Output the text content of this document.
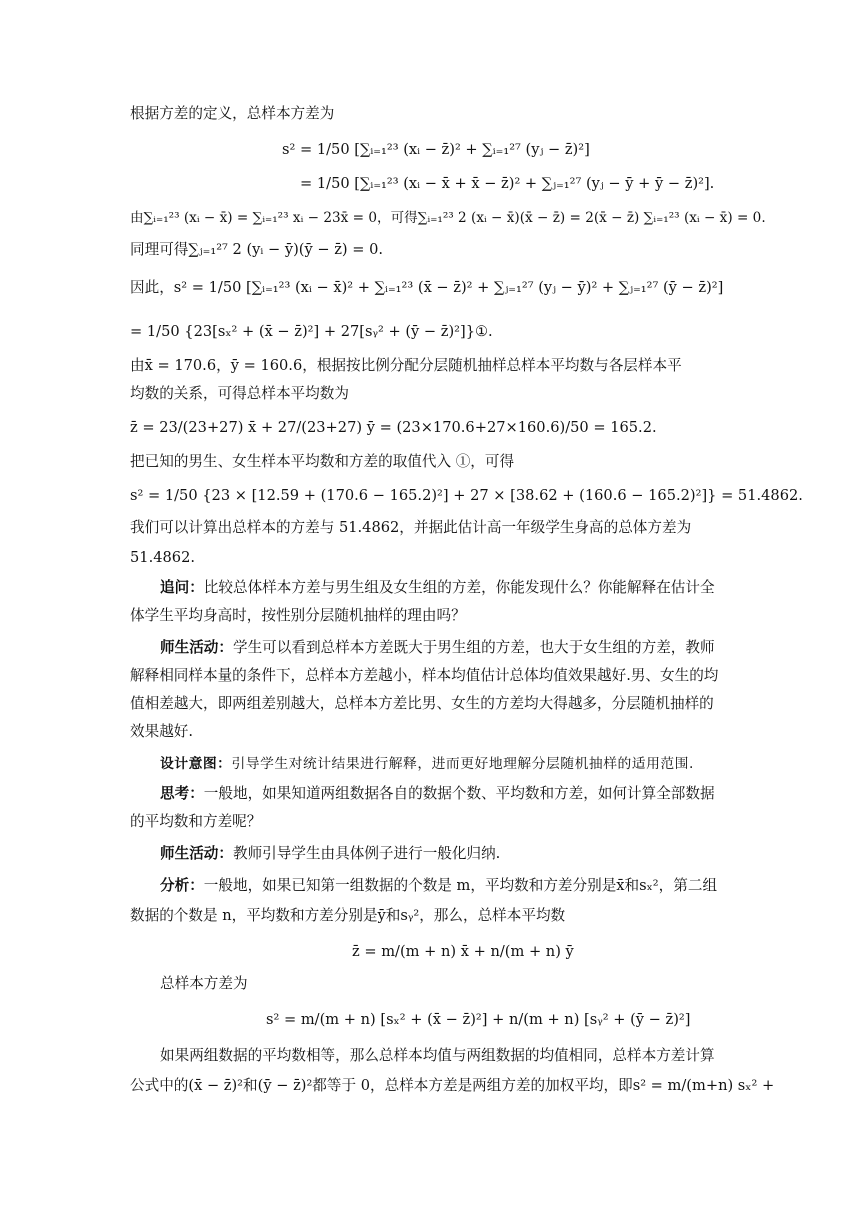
根据方差的定义，总样本方差为
s² = 1/50 [∑ᵢ₌₁²³ (xᵢ − z̄)² + ∑ᵢ₌₁²⁷ (yⱼ − z̄)²]
= 1/50 [∑ᵢ₌₁²³ (xᵢ − x̄ + x̄ − z̄)² + ∑ⱼ₌₁²⁷ (yⱼ − ȳ + ȳ − z̄)²].
由∑ᵢ₌₁²³ (xᵢ − x̄) = ∑ᵢ₌₁²³ xᵢ − 23x̄ = 0，可得∑ᵢ₌₁²³ 2 (xᵢ − x̄)(x̄ − z̄) = 2(x̄ − z̄) ∑ᵢ₌₁²³ (xᵢ − x̄) = 0.
同理可得∑ⱼ₌₁²⁷ 2 (yᵢ − ȳ)(ȳ − z̄) = 0.
因此，s² = 1/50 [∑ᵢ₌₁²³ (xᵢ − x̄)² + ∑ᵢ₌₁²³ (x̄ − z̄)² + ∑ⱼ₌₁²⁷ (yⱼ − ȳ)² + ∑ⱼ₌₁²⁷ (ȳ − z̄)²]
= 1/50 {23[sₓ² + (x̄ − z̄)²] + 27[sᵧ² + (ȳ − z̄)²]}①.
由x̄ = 170.6，ȳ = 160.6，根据按比例分配分层随机抽样总样本平均数与各层样本平
均数的关系，可得总样本平均数为
z̄ = 23/(23+27) x̄ + 27/(23+27) ȳ = (23×170.6+27×160.6)/50 = 165.2.
把已知的男生、女生样本平均数和方差的取值代入 ①，可得
s² = 1/50 {23 × [12.59 + (170.6 − 165.2)²] + 27 × [38.62 + (160.6 − 165.2)²]} = 51.4862.
我们可以计算出总样本的方差与 51.4862，并据此估计高一年级学生身高的总体方差为
51.4862.
追问：比较总体样本方差与男生组及女生组的方差，你能发现什么？你能解释在估计全
体学生平均身高时，按性别分层随机抽样的理由吗？
师生活动：学生可以看到总样本方差既大于男生组的方差，也大于女生组的方差，教师
解释相同样本量的条件下，总样本方差越小，样本均值估计总体均值效果越好.男、女生的均
值相差越大，即两组差别越大，总样本方差比男、女生的方差均大得越多，分层随机抽样的
效果越好.
设计意图：引导学生对统计结果进行解释，进而更好地理解分层随机抽样的适用范围.
思考：一般地，如果知道两组数据各自的数据个数、平均数和方差，如何计算全部数据
的平均数和方差呢？
师生活动：教师引导学生由具体例子进行一般化归纳.
分析：一般地，如果已知第一组数据的个数是 m，平均数和方差分别是x̄和sₓ²，第二组
数据的个数是 n，平均数和方差分别是ȳ和sᵧ²，那么，总样本平均数
z̄ = m/(m + n) x̄ + n/(m + n) ȳ
总样本方差为
s² = m/(m + n) [sₓ² + (x̄ − z̄)²] + n/(m + n) [sᵧ² + (ȳ − z̄)²]
如果两组数据的平均数相等，那么总样本均值与两组数据的均值相同，总样本方差计算
公式中的(x̄ − z̄)²和(ȳ − z̄)²都等于 0，总样本方差是两组方差的加权平均，即s² = m/(m+n) sₓ² +
